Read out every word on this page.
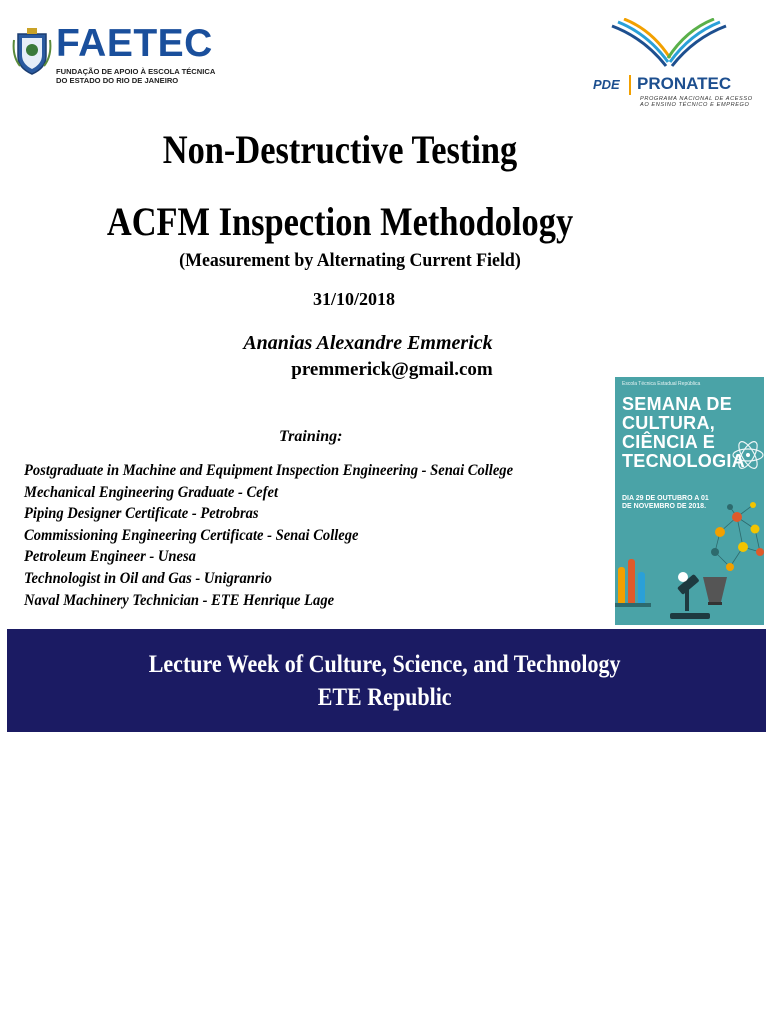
FAETEC
FUNDAÇÃO DE APOIO À ESCOLA TÉCNICA
DO ESTADO DO RIO DE JANEIRO	PDE PRONATEC
PROGRAMA NACIONAL DE ACESSO
AO ENSINO TÉCNICO E EMPREGO
Non-Destructive Testing
ACFM Inspection Methodology
(Measurement by Alternating Current Field)
31/10/2018
Ananias Alexandre Emmerick
premmerick@gmail.com
Training:
Postgraduate in Machine and Equipment Inspection Engineering - Senai College
Mechanical Engineering Graduate - Cefet
Piping Designer Certificate - Petrobras
Commissioning Engineering Certificate - Senai College
Petroleum Engineer - Unesa
Technologist in Oil and Gas - Unigranrio
Naval Machinery Technician - ETE Henrique Lage
Escola Técnica Estadual República
SEMANA DE CULTURA, CIÊNCIA E TECNOLOGIA
DIA 29 DE OUTUBRO A 01 DE NOVEMBRO DE 2018.
Lecture Week of Culture, Science, and Technology
ETE Republic
